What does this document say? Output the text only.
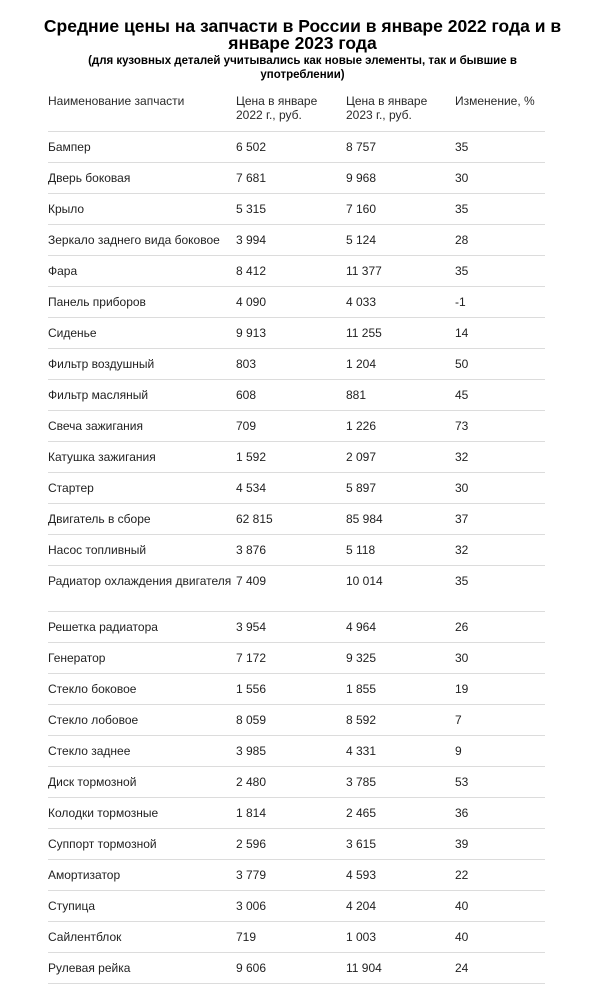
Средние цены на запчасти в России в январе 2022 года и в январе 2023 года
(для кузовных деталей учитывались как новые элементы, так и бывшие в употреблении)
Наименование запчасти	Цена в январе 2022 г., руб.	Цена в январе 2023 г., руб.	Изменение, %
Бампер	6 502	8 757	35
Дверь боковая	7 681	9 968	30
Крыло	5 315	7 160	35
Зеркало заднего вида боковое	3 994	5 124	28
Фара	8 412	11 377	35
Панель приборов	4 090	4 033	-1
Сиденье	9 913	11 255	14
Фильтр воздушный	803	1 204	50
Фильтр масляный	608	881	45
Свеча зажигания	709	1 226	73
Катушка зажигания	1 592	2 097	32
Стартер	4 534	5 897	30
Двигатель в сборе	62 815	85 984	37
Насос топливный	3 876	5 118	32
Радиатор охлаждения двигателя	7 409	10 014	35
Решетка радиатора	3 954	4 964	26
Генератор	7 172	9 325	30
Стекло боковое	1 556	1 855	19
Стекло лобовое	8 059	8 592	7
Стекло заднее	3 985	4 331	9
Диск тормозной	2 480	3 785	53
Колодки тормозные	1 814	2 465	36
Суппорт тормозной	2 596	3 615	39
Амортизатор	3 779	4 593	22
Ступица	3 006	4 204	40
Сайлентблок	719	1 003	40
Рулевая рейка	9 606	11 904	24
